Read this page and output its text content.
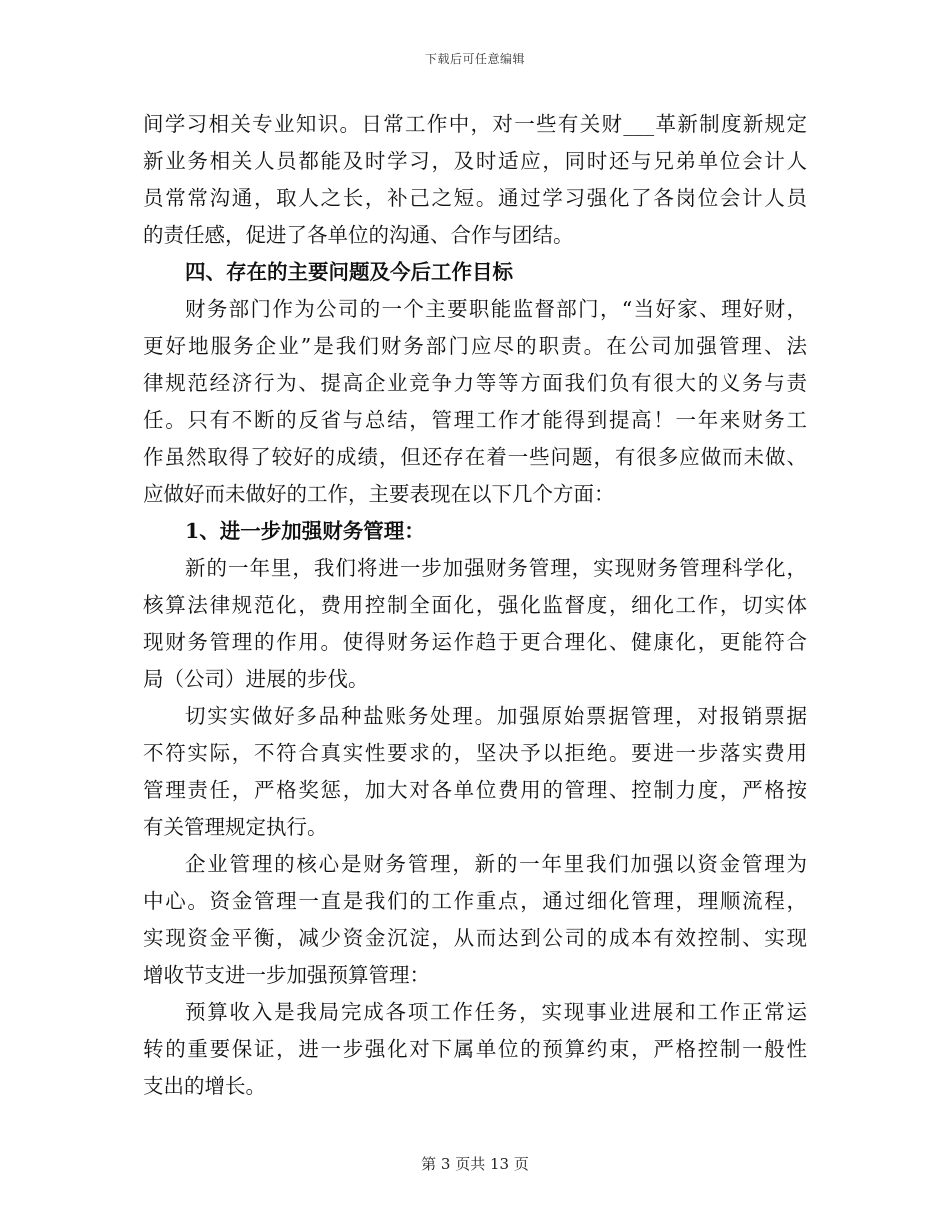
下载后可任意编辑
间学习相关专业知识。日常工作中，对一些有关财___革新制度新规定
新业务相关人员都能及时学习，及时适应，同时还与兄弟单位会计人
员常常沟通，取人之长，补己之短。通过学习强化了各岗位会计人员
的责任感，促进了各单位的沟通、合作与团结。
四、存在的主要问题及今后工作目标
财务部门作为公司的一个主要职能监督部门，“当好家、理好财，
更好地服务企业”是我们财务部门应尽的职责。在公司加强管理、法
律规范经济行为、提高企业竞争力等等方面我们负有很大的义务与责
任。只有不断的反省与总结，管理工作才能得到提高！一年来财务工
作虽然取得了较好的成绩，但还存在着一些问题，有很多应做而未做、
应做好而未做好的工作，主要表现在以下几个方面：
1、进一步加强财务管理：
新的一年里，我们将进一步加强财务管理，实现财务管理科学化，
核算法律规范化，费用控制全面化，强化监督度，细化工作，切实体
现财务管理的作用。使得财务运作趋于更合理化、健康化，更能符合
局（公司）进展的步伐。
切实实做好多品种盐账务处理。加强原始票据管理，对报销票据
不符实际，不符合真实性要求的，坚决予以拒绝。要进一步落实费用
管理责任，严格奖惩，加大对各单位费用的管理、控制力度，严格按
有关管理规定执行。
企业管理的核心是财务管理，新的一年里我们加强以资金管理为
中心。资金管理一直是我们的工作重点，通过细化管理，理顺流程，
实现资金平衡，减少资金沉淀，从而达到公司的成本有效控制、实现
增收节支进一步加强预算管理：
预算收入是我局完成各项工作任务，实现事业进展和工作正常运
转的重要保证，进一步强化对下属单位的预算约束，严格控制一般性
支出的增长。
第 3 页共 13 页
